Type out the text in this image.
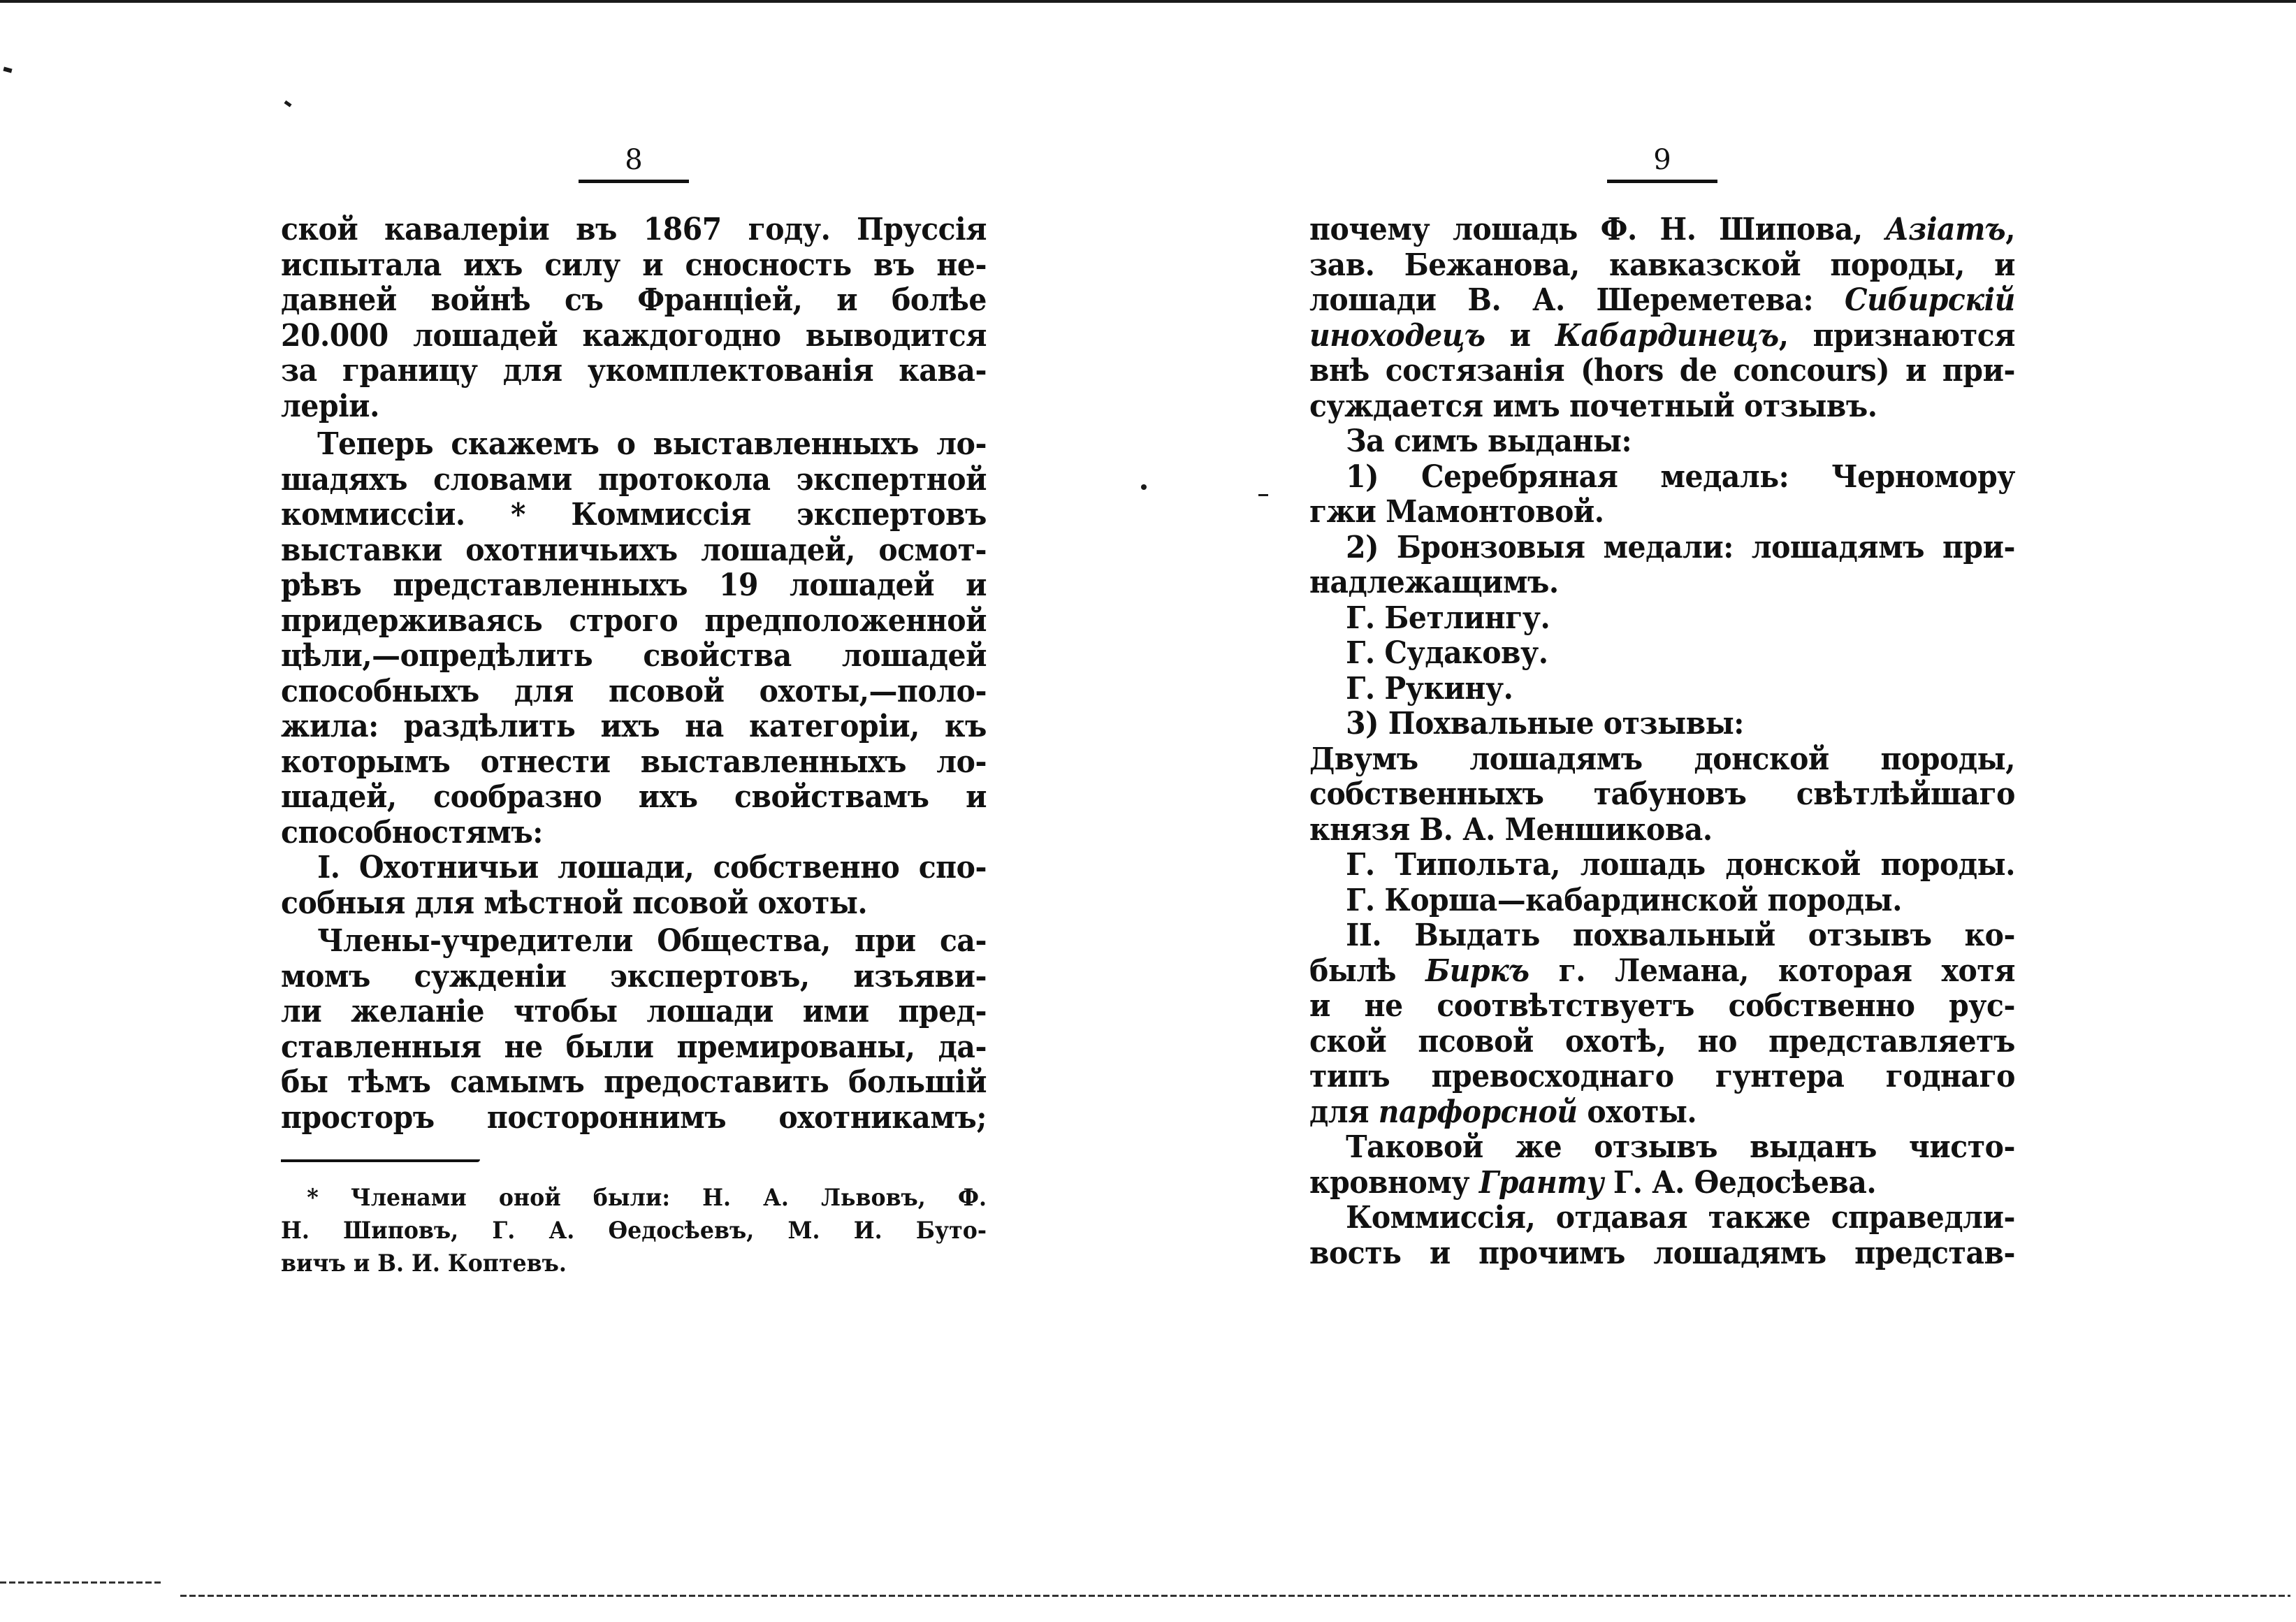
8

ской кавалеріи въ 1867 году. Пруссія
испытала ихъ силу и сносность въ не-
давней войнѣ съ Франціей, и болѣе
20.000 лошадей каждогодно выводится
за границу для укомплектованія кава-
леріи.
Теперь скажемъ о выставленныхъ ло-
шадяхъ словами протокола экспертной
коммиссіи. * Коммиссія экспертовъ
выставки охотничьихъ лошадей, осмот-
рѣвъ представленныхъ 19 лошадей и
придерживаясь строго предположенной
цѣли,—опредѣлить свойства лошадей
способныхъ для псовой охоты,—поло-
жила: раздѣлить ихъ на категоріи, къ
которымъ отнести выставленныхъ ло-
шадей, сообразно ихъ свойствамъ и
способностямъ:
I. Охотничьи лошади, собственно спо-
собныя для мѣстной псовой охоты.
Члены-учредители Общества, при са-
момъ сужденіи экспертовъ, изъяви-
ли желаніе чтобы лошади ими пред-
ставленныя не были премированы, да-
бы тѣмъ самымъ предоставить большій
просторъ постороннимъ охотникамъ;
* Членами оной были: Н. А. Львовъ, Ф.
Н. Шиповъ, Г. А. Ѳедосѣевъ, М. И. Буто-
вичъ и В. И. Коптевъ.

9

почему лошадь Ф. Н. Шипова, Азіатъ,
зав. Бежанова, кавказской породы, и
лошади В. А. Шереметева: Сибирскій
иноходецъ и Кабардинецъ, признаются
внѣ состязанія (hors de concours) и при-
суждается имъ почетный отзывъ.
За симъ выданы:
1) Серебряная медаль: Черномору
гжи Мамонтовой.
2) Бронзовыя медали: лошадямъ при-
надлежащимъ.
Г. Бетлингу.
Г. Судакову.
Г. Рукину.
3) Похвальные отзывы:
Двумъ лошадямъ донской породы,
собственныхъ табуновъ свѣтлѣйшаго
князя В. А. Меншикова.
Г. Типольта, лошадь донской породы.
Г. Корша—кабардинской породы.
II. Выдать похвальный отзывъ ко-
былѣ Биркъ г. Лемана, которая хотя
и не соотвѣтствуетъ собственно рус-
ской псовой охотѣ, но представляетъ
типъ превосходнаго гунтера годнаго
для парфорсной охоты.
Таковой же отзывъ выданъ чисто-
кровному Гранту Г. А. Ѳедосѣева.
Коммиссія, отдавая также справедли-
вость и прочимъ лошадямъ представ-
